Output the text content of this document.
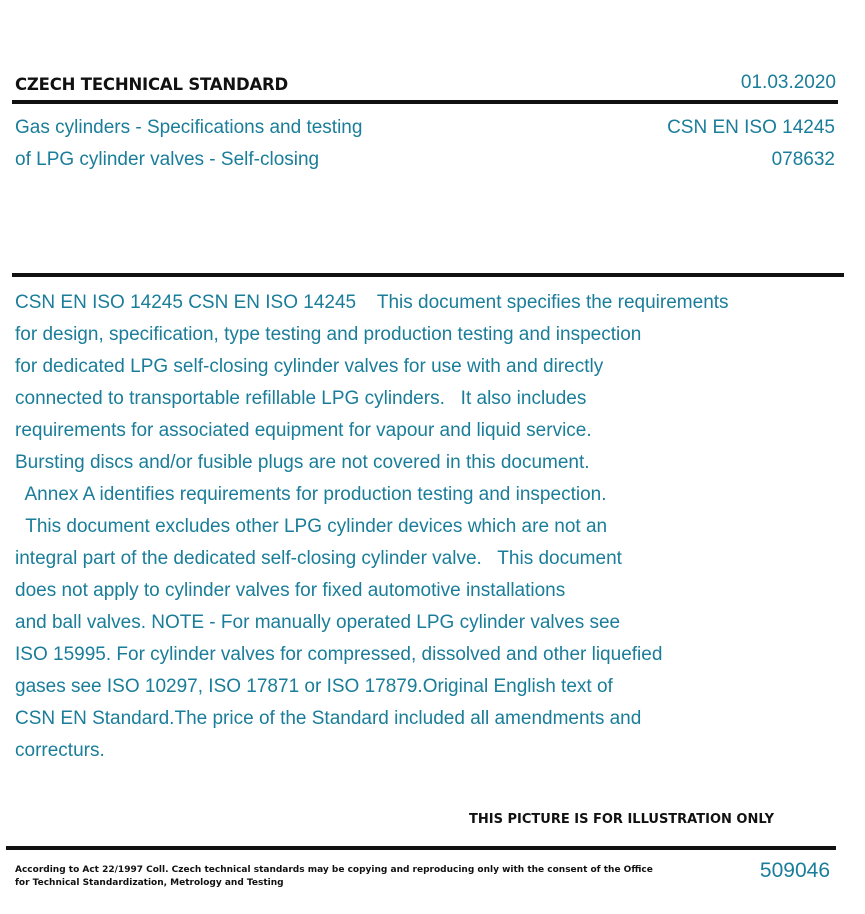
CZECH TECHNICAL STANDARD	01.03.2020
Gas cylinders - Specifications and testing
of LPG cylinder valves - Self-closing
CSN EN ISO 14245
078632
CSN EN ISO 14245 CSN EN ISO 14245    This document specifies the requirements
for design, specification, type testing and production testing and inspection
for dedicated LPG self-closing cylinder valves for use with and directly
connected to transportable refillable LPG cylinders.   It also includes
requirements for associated equipment for vapour and liquid service.
Bursting discs and/or fusible plugs are not covered in this document.
Annex A identifies requirements for production testing and inspection.
This document excludes other LPG cylinder devices which are not an
integral part of the dedicated self-closing cylinder valve.   This document
does not apply to cylinder valves for fixed automotive installations
and ball valves. NOTE - For manually operated LPG cylinder valves see
ISO 15995. For cylinder valves for compressed, dissolved and other liquefied
gases see ISO 10297, ISO 17871 or ISO 17879.Original English text of
CSN EN Standard.The price of the Standard included all amendments and
correcturs.
THIS PICTURE IS FOR ILLUSTRATION ONLY
According to Act 22/1997 Coll. Czech technical standards may be copying and reproducing only with the consent of the Office
for Technical Standardization, Metrology and Testing
509046
